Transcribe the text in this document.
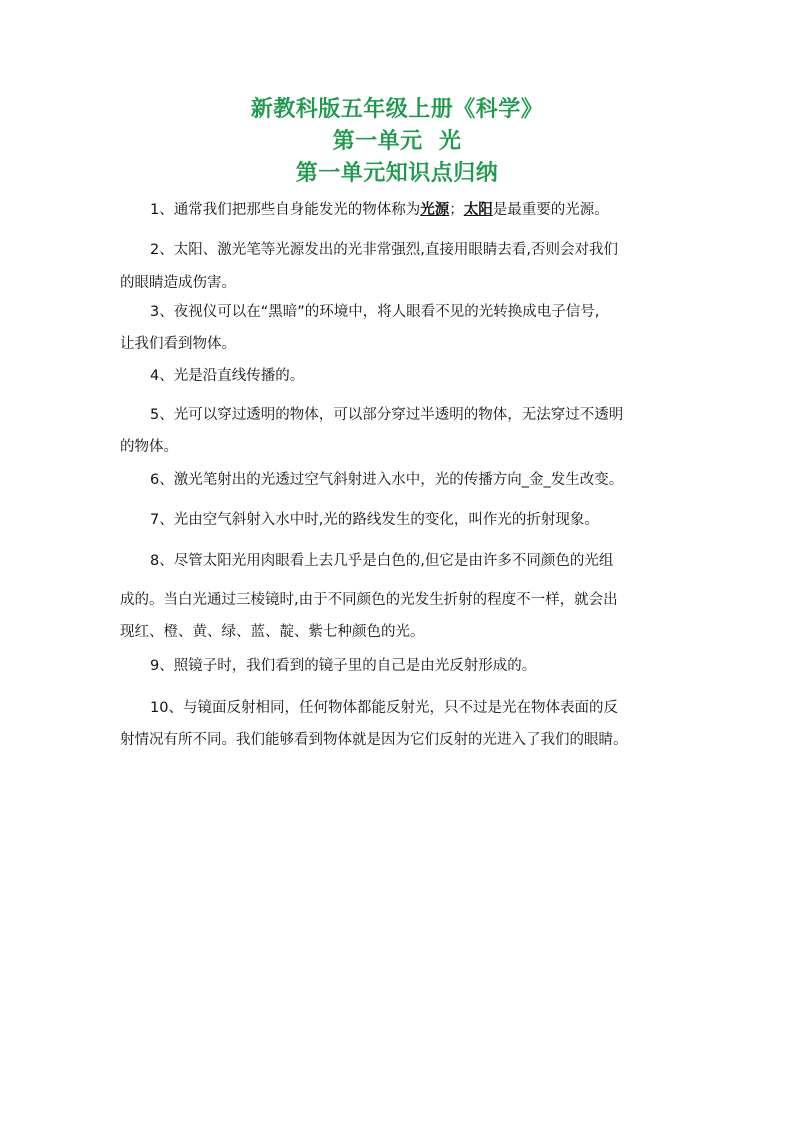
新教科版五年级上册《科学》
第一单元  光
第一单元知识点归纳
1、通常我们把那些自身能发光的物体称为光源；太阳是最重要的光源。
2、太阳、激光笔等光源发出的光非常强烈,直接用眼睛去看,否则会对我们
的眼睛造成伤害。
3、夜视仪可以在“黑暗”的环境中，将人眼看不见的光转换成电子信号,
让我们看到物体。
4、光是沿直线传播的。
5、光可以穿过透明的物体，可以部分穿过半透明的物体，无法穿过不透明
的物体。
6、激光笔射出的光透过空气斜射进入水中，光的传播方向_金_发生改变。
7、光由空气斜射入水中时,光的路线发生的变化，叫作光的折射现象。
8、尽管太阳光用肉眼看上去几乎是白色的,但它是由许多不同颜色的光组
成的。当白光通过三棱镜时,由于不同颜色的光发生折射的程度不一样，就会出
现红、橙、黄、绿、蓝、靛、紫七种颜色的光。
9、照镜子时，我们看到的镜子里的自己是由光反射形成的。
10、与镜面反射相同，任何物体都能反射光，只不过是光在物体表面的反
射情况有所不同。我们能够看到物体就是因为它们反射的光进入了我们的眼睛。
